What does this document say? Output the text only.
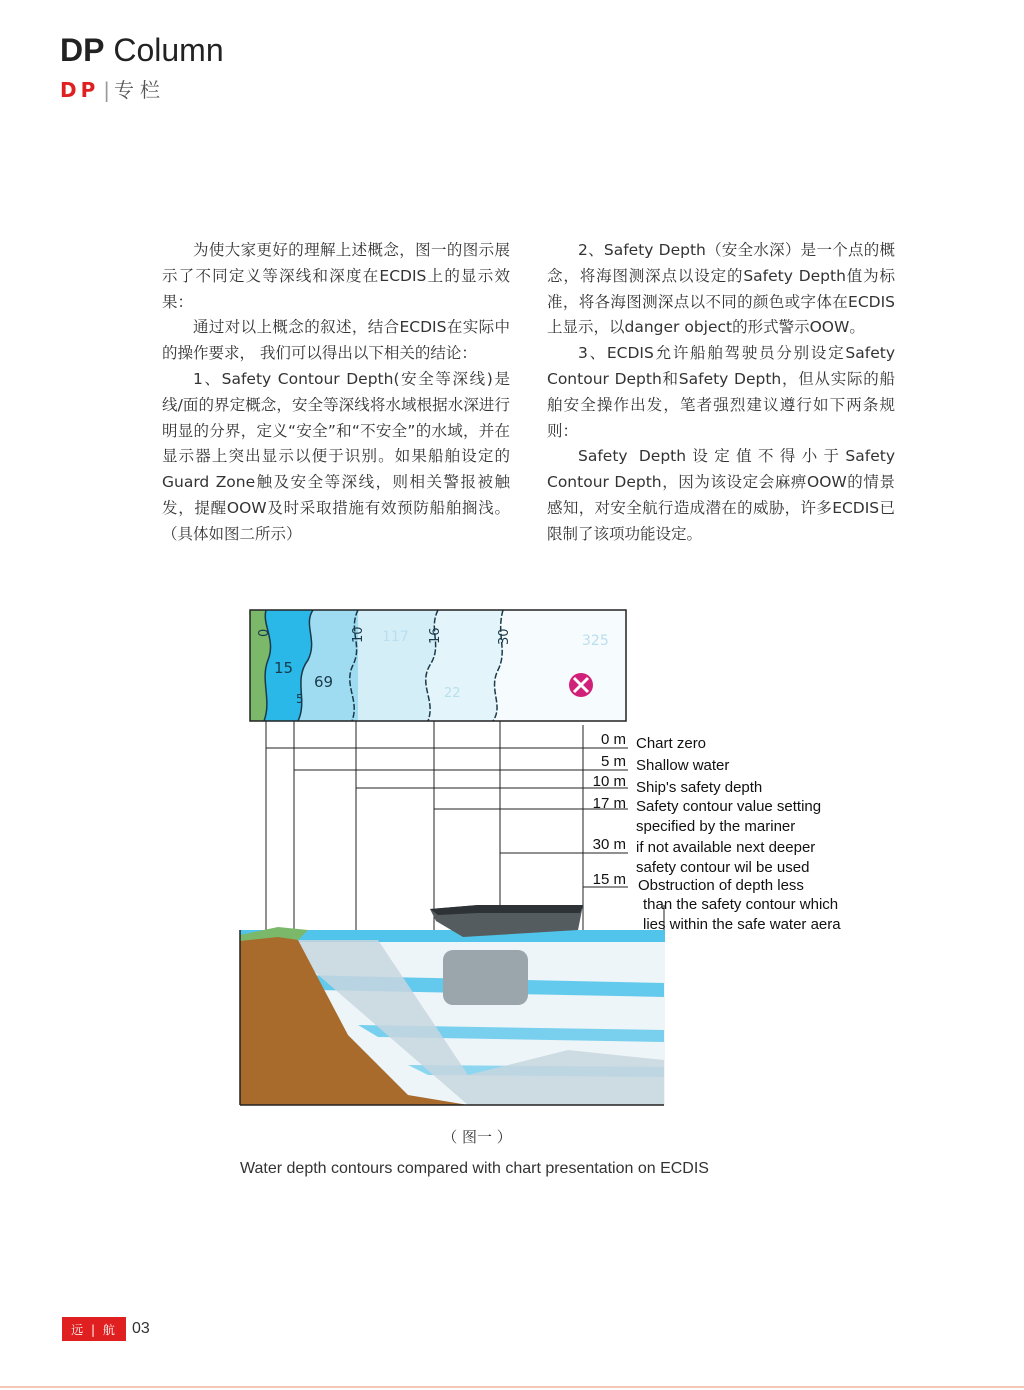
DP Column
DP | 专栏

为使大家更好的理解上述概念，图一的图示展示了不同定义等深线和深度在ECDIS上的显示效果：

通过对以上概念的叙述，结合ECDIS在实际中的操作要求， 我们可以得出以下相关的结论：

1、Safety Contour Depth(安全等深线)是线/面的界定概念，安全等深线将水域根据水深进行明显的分界，定义“安全”和“不安全”的水域，并在显示器上突出显示以便于识别。如果船舶设定的Guard Zone触及安全等深线，则相关警报被触发，提醒OOW及时采取措施有效预防船舶搁浅。（具体如图二所示）

2、Safety Depth（安全水深）是一个点的概念，将海图测深点以设定的Safety Depth值为标准，将各海图测深点以不同的颜色或字体在ECDIS上显示，以danger object的形式警示OOW。

3、ECDIS允许船舶驾驶员分别设定Safety Contour Depth和Safety Depth，但从实际的船舶安全操作出发，笔者强烈建议遵行如下两条规则：

Safety Depth设定值不得小于Safety Contour Depth，因为该设定会麻痹OOW的情景感知，对安全航行造成潜在的威胁，许多ECDIS已限制了该项功能设定。

0
15
5
69
10 117 16
22
30	325
0 m Chart zero
5 m Shallow water
10 m Ship's safety depth
17 m Safety contour value setting
specified by the mariner
30 m if not available next deeper
safety contour wil be used
15 m Obstruction of depth less
than the safety contour which
lies within the safe water aera
（ 图一 ）
Water depth contours compared with chart presentation on ECDIS
远 | 航 03
